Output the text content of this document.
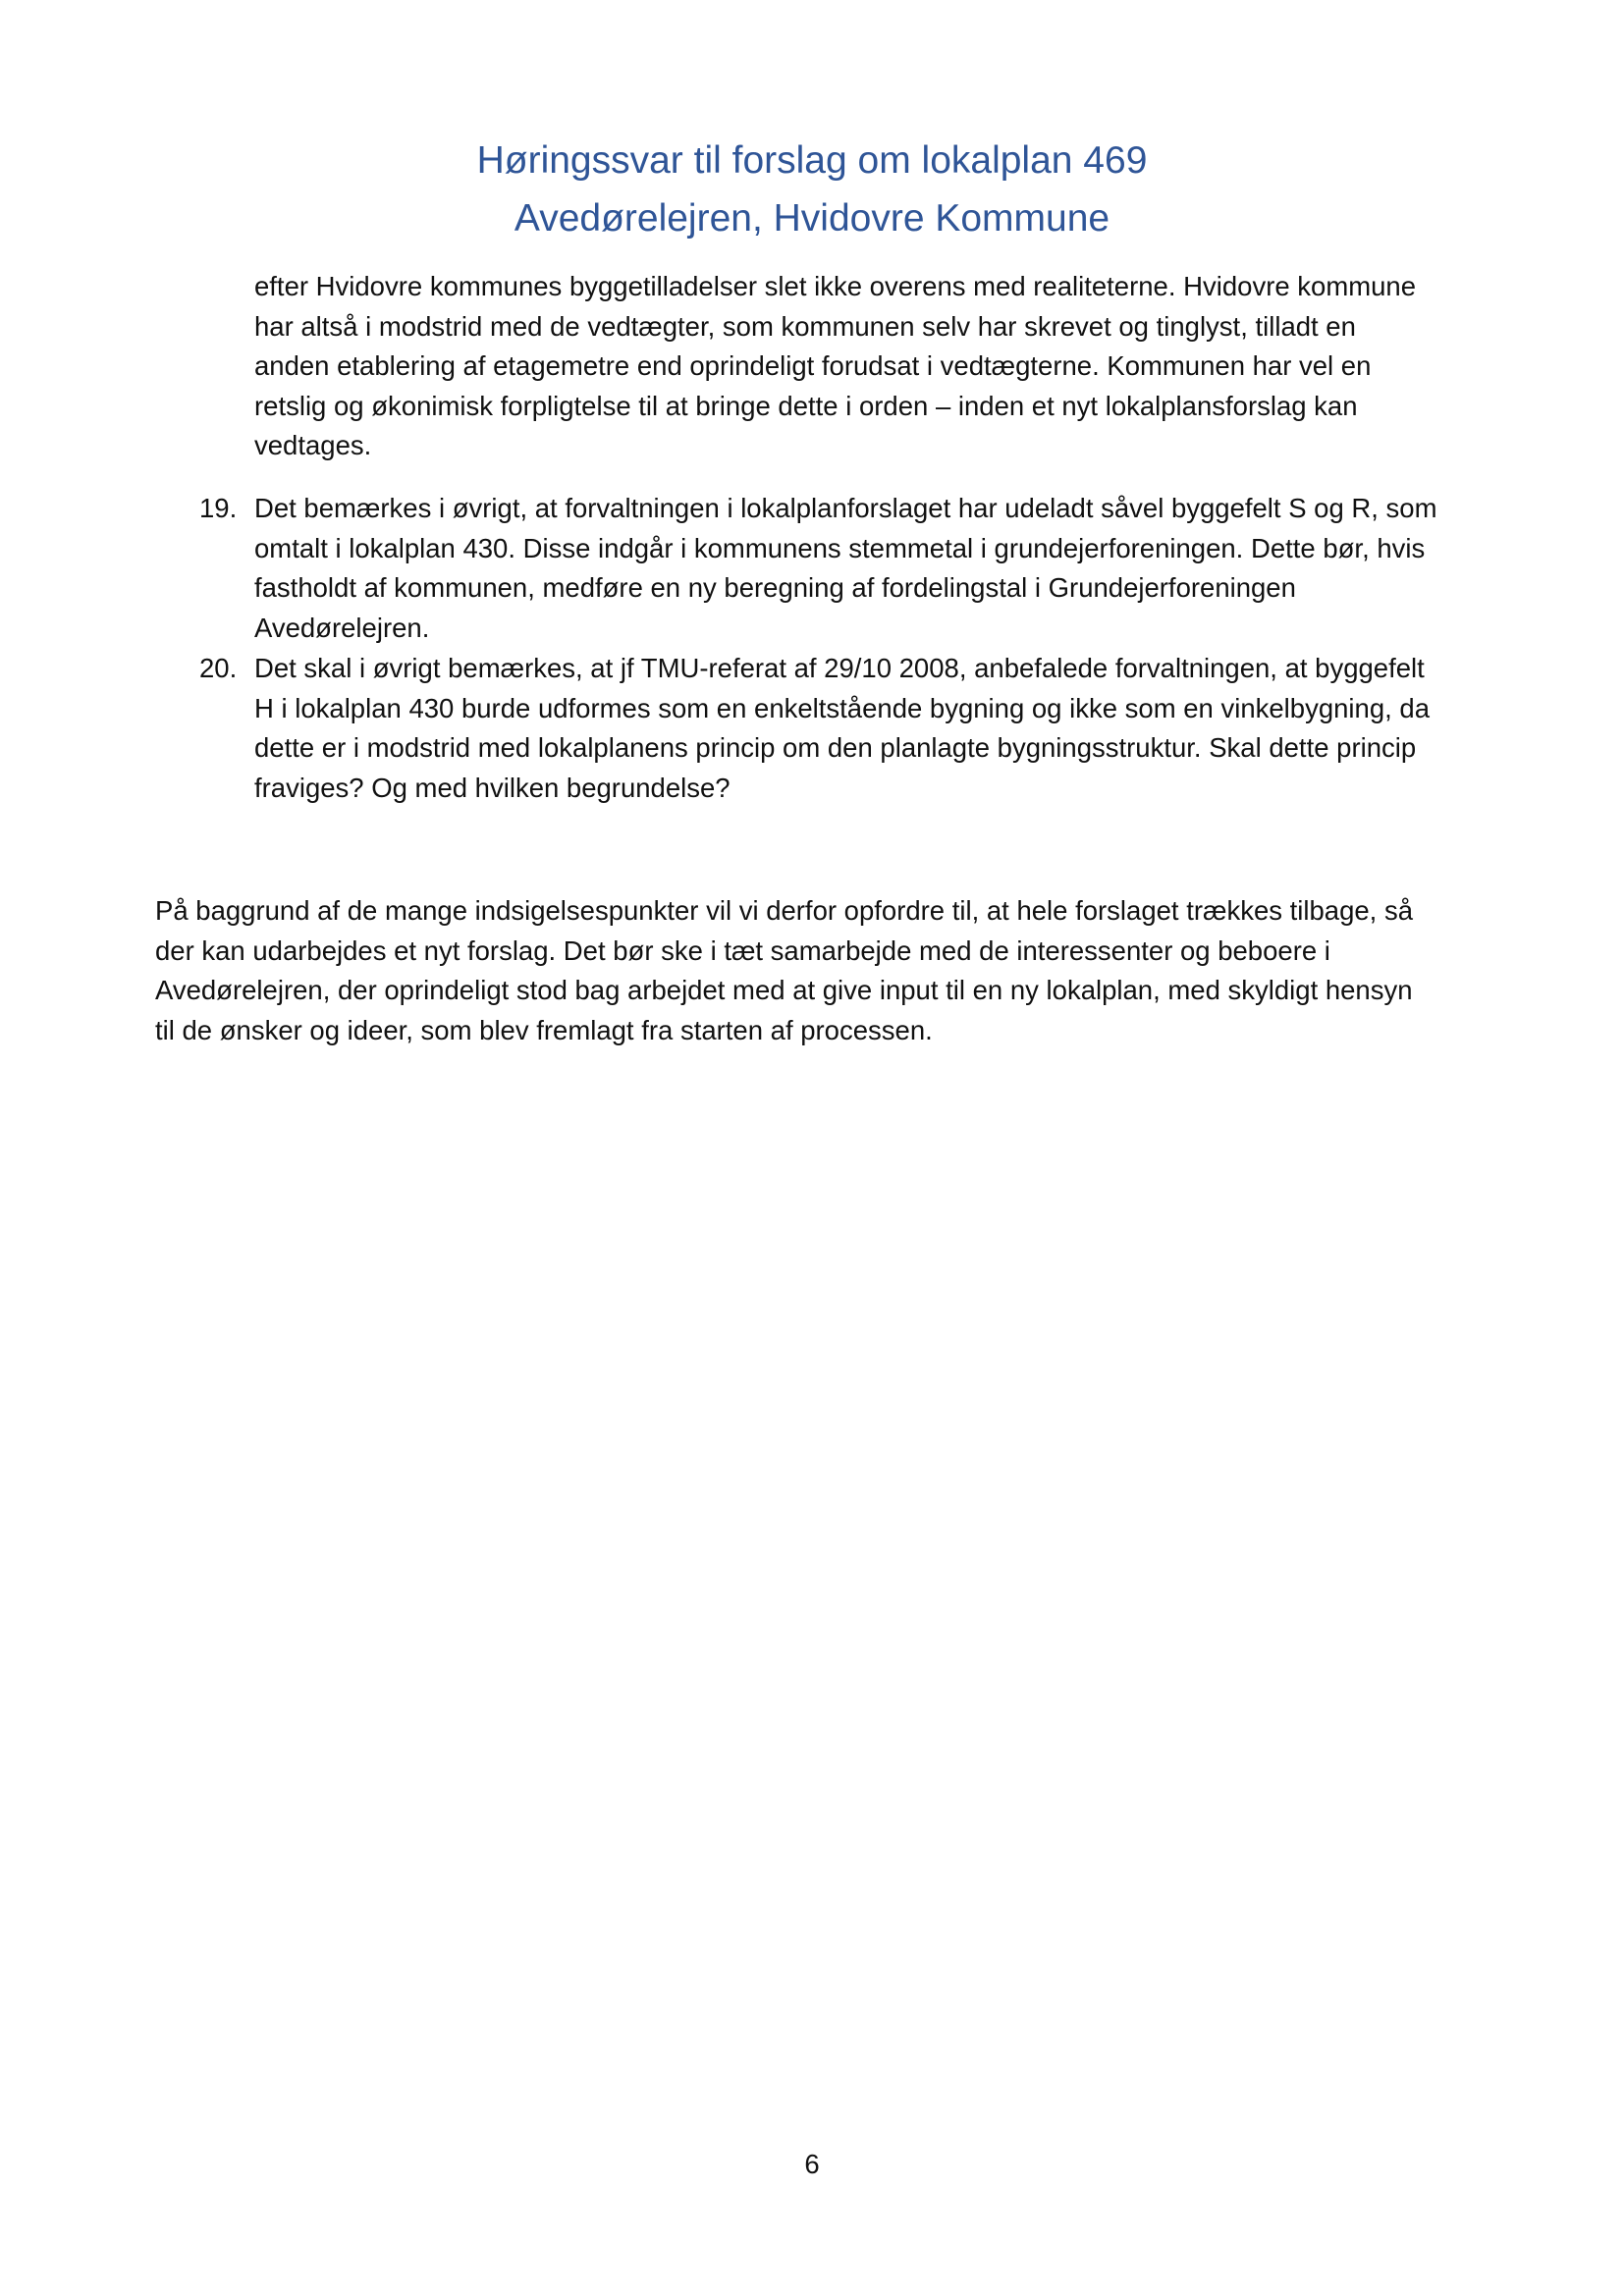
Høringssvar til forslag om lokalplan 469
Avedørelejren, Hvidovre Kommune

efter Hvidovre kommunes byggetilladelser slet ikke overens med realiteterne. Hvidovre kommune

har altså i modstrid med de vedtægter, som kommunen selv har skrevet og tinglyst, tilladt en

anden etablering af etagemetre end oprindeligt forudsat i vedtægterne. Kommunen har vel en

retslig og økonimisk forpligtelse til at bringe dette i orden – inden et nyt lokalplansforslag kan

vedtages.

19. Det bemærkes i øvrigt, at forvaltningen i lokalplanforslaget har udeladt såvel byggefelt S og R, som

omtalt i lokalplan 430. Disse indgår i kommunens stemmetal i grundejerforeningen. Dette bør, hvis

fastholdt af kommunen, medføre en ny beregning af fordelingstal i Grundejerforeningen

Avedørelejren.

20. Det skal i øvrigt bemærkes, at jf TMU-referat af 29/10 2008, anbefalede forvaltningen, at byggefelt

H i lokalplan 430 burde udformes som en enkeltstående bygning og ikke som en vinkelbygning, da

dette er i modstrid med lokalplanens princip om den planlagte bygningsstruktur. Skal dette princip

fraviges? Og med hvilken begrundelse?

På baggrund af de mange indsigelsespunkter vil vi derfor opfordre til, at hele forslaget trækkes tilbage, så

der kan udarbejdes et nyt forslag. Det bør ske i tæt samarbejde med de interessenter og beboere i

Avedørelejren, der oprindeligt stod bag arbejdet med at give input til en ny lokalplan, med skyldigt hensyn

til de ønsker og ideer, som blev fremlagt fra starten af processen.

6
